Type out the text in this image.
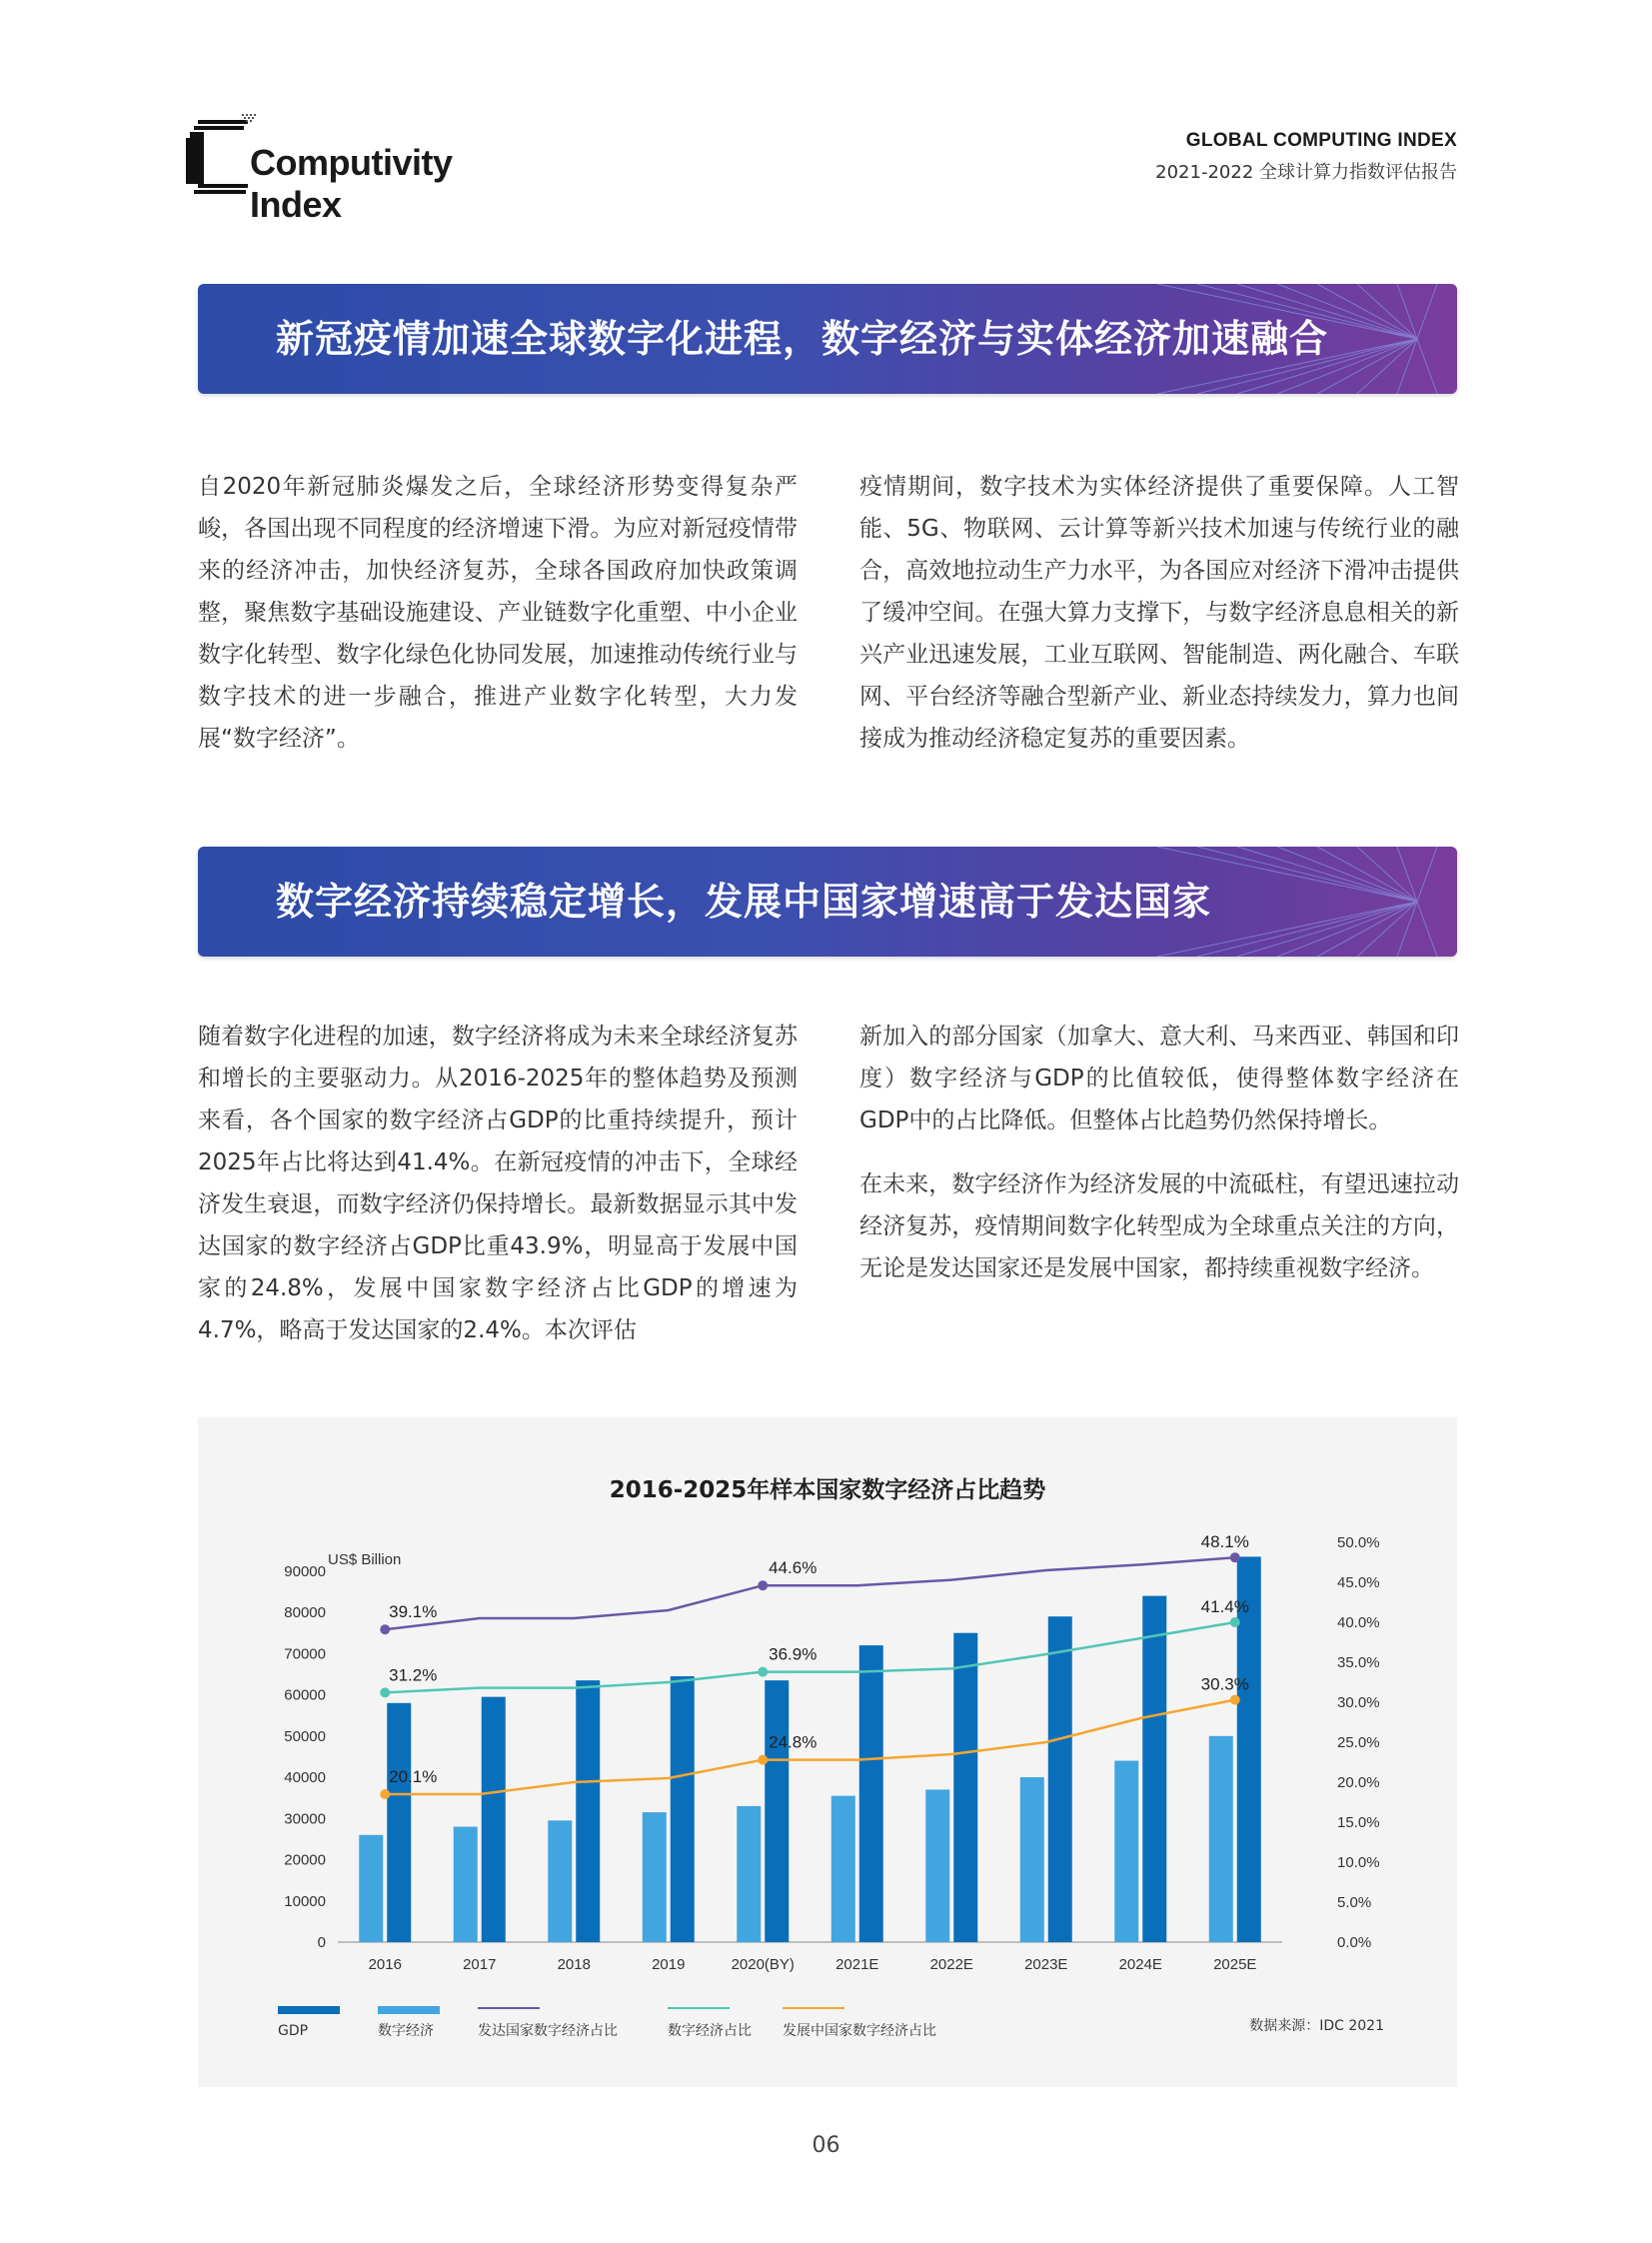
Computivity Index
GLOBAL COMPUTING INDEX
2021-2022 全球计算力指数评估报告
新冠疫情加速全球数字化进程，数字经济与实体经济加速融合

自2020年新冠肺炎爆发之后，全球经济形势变得复杂严峻，各国出现不同程度的经济增速下滑。为应对新冠疫情带来的经济冲击，加快经济复苏，全球各国政府加快政策调整，聚焦数字基础设施建设、产业链数字化重塑、中小企业数字化转型、数字化绿色化协同发展，加速推动传统行业与数字技术的进一步融合，推进产业数字化转型，大力发展“数字经济”。

疫情期间，数字技术为实体经济提供了重要保障。人工智能、5G、物联网、云计算等新兴技术加速与传统行业的融合，高效地拉动生产力水平，为各国应对经济下滑冲击提供了缓冲空间。在强大算力支撑下，与数字经济息息相关的新兴产业迅速发展，工业互联网、智能制造、两化融合、车联网、平台经济等融合型新产业、新业态持续发力，算力也间接成为推动经济稳定复苏的重要因素。

数字经济持续稳定增长，发展中国家增速高于发达国家

随着数字化进程的加速，数字经济将成为未来全球经济复苏和增长的主要驱动力。从2016-2025年的整体趋势及预测来看，各个国家的数字经济占GDP的比重持续提升，预计2025年占比将达到41.4%。在新冠疫情的冲击下，全球经济发生衰退，而数字经济仍保持增长。最新数据显示其中发达国家的数字经济占GDP比重43.9%，明显高于发展中国家的24.8%，发展中国家数字经济占比GDP的增速为4.7%，略高于发达国家的2.4%。本次评估

新加入的部分国家（加拿大、意大利、马来西亚、韩国和印度）数字经济与GDP的比值较低，使得整体数字经济在GDP中的占比降低。但整体占比趋势仍然保持增长。

在未来，数字经济作为经济发展的中流砥柱，有望迅速拉动经济复苏，疫情期间数字化转型成为全球重点关注的方向，无论是发达国家还是发展中国家，都持续重视数字经济。

2016-2025年样本国家数字经济占比趋势
US$ Billion
0
10000
20000
30000
40000
50000
60000
70000
80000
90000
0.0%
5.0%
10.0%
15.0%
20.0%
25.0%
30.0%
35.0%
40.0%
45.0%
50.0%
2016	2017	2018	2019	2020(BY)	2021E	2022E	2023E	2024E	2025E
39.1%
44.6%
48.1%
31.2%
36.9%
41.4%
20.1%
24.8%
30.3%
GDP	数字经济	发达国家数字经济占比	数字经济占比 发展中国家数字经济占比	数据来源：IDC 2021
06
